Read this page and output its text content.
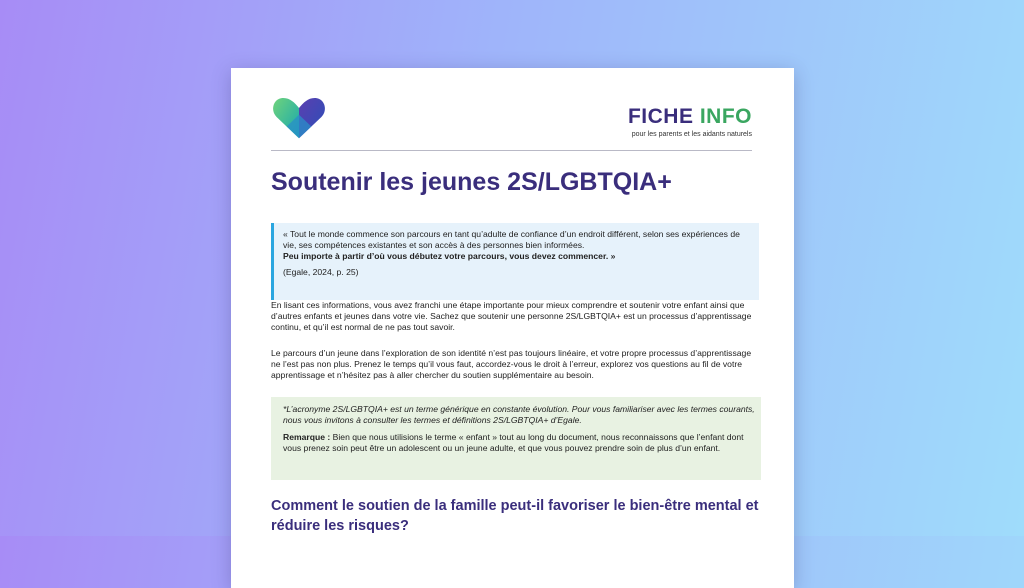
FICHE INFO
pour les parents et les aidants naturels
Soutenir les jeunes 2S/LGBTQIA+

« Tout le monde commence son parcours en tant qu’adulte de confiance d’un endroit différent, selon ses expériences de vie, ses compétences existantes et son accès à des personnes bien informées.

Peu importe à partir d’où vous débutez votre parcours, vous devez commencer. »

(Egale, 2024, p. 25)

En lisant ces informations, vous avez franchi une étape importante pour mieux comprendre et soutenir votre enfant ainsi que d’autres enfants et jeunes dans votre vie. Sachez que soutenir une personne 2S/LGBTQIA+ est un processus d’apprentissage continu, et qu’il est normal de ne pas tout savoir.

Le parcours d’un jeune dans l’exploration de son identité n’est pas toujours linéaire, et votre propre processus d’apprentissage ne l’est pas non plus. Prenez le temps qu’il vous faut, accordez-vous le droit à l’erreur, explorez vos questions au fil de votre apprentissage et n’hésitez pas à aller chercher du soutien supplémentaire au besoin.

*L’acronyme 2S/LGBTQIA+ est un terme générique en constante évolution. Pour vous familiariser avec les termes courants, nous vous invitons à consulter les termes et définitions 2S/LGBTQIA+ d’Egale.

Remarque : Bien que nous utilisions le terme « enfant » tout au long du document, nous reconnaissons que l’enfant dont vous prenez soin peut être un adolescent ou un jeune adulte, et que vous pouvez prendre soin de plus d’un enfant.

Comment le soutien de la famille peut-il favoriser le bien-être mental et réduire les risques?
